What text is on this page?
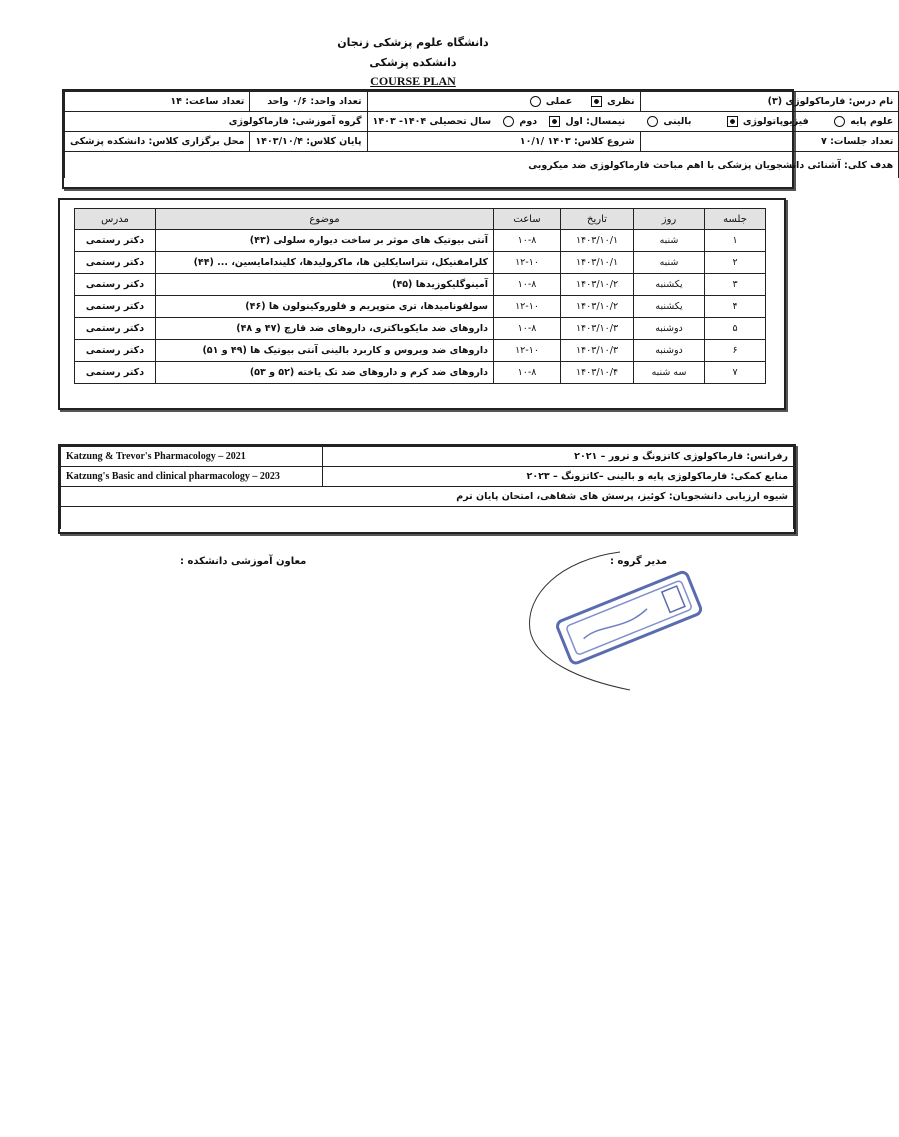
دانشگاه علوم پزشکی زنجان
دانشکده پزشکی
COURSE PLAN
نام درس: فارماکولوژی (۳)	نظری      عملی	تعداد واحد: ۰/۶ واحد	تعداد ساعت: ۱۴
علوم پایه        فیزیوپاتولوژی           بالینی       نیمسال: اول    دوم    سال تحصیلی ۱۴۰۴- ۱۴۰۳		گروه آموزشی: فارماکولوژی	
تعداد جلسات: ۷	شروع کلاس: ۱۴۰۳ /۱۰/۱	پایان کلاس: ۱۴۰۳/۱۰/۴	محل برگزاری کلاس: دانشکده پزشکی
هدف کلی: آشنائی دانشجویان پزشکی با اهم مباحث فارماکولوژی ضد میکروبی			
جلسه	روز	تاریخ	ساعت	موضوع	مدرس
۱	شنبه	۱۴۰۳/۱۰/۱	۱۰-۸	آنتی بیوتیک های موثر بر ساخت دیواره سلولی (۴۳)	دکتر رستمی
۲	شنبه	۱۴۰۳/۱۰/۱	۱۲-۱۰	کلرامفنیکل، تتراسایکلین ها، ماکرولیدها، کلیندامایسین، ... (۴۴)	دکتر رستمی
۳	یکشنبه	۱۴۰۳/۱۰/۲	۱۰-۸	آمینوگلیکوزیدها (۴۵)	دکتر رستمی
۴	یکشنبه	۱۴۰۳/۱۰/۲	۱۲-۱۰	سولفونامیدها، تری متوپریم و فلوروکینولون ها (۴۶)	دکتر رستمی
۵	دوشنبه	۱۴۰۳/۱۰/۳	۱۰-۸	داروهای ضد مایکوباکتری، داروهای ضد قارچ (۴۷ و ۴۸)	دکتر رستمی
۶	دوشنبه	۱۴۰۳/۱۰/۳	۱۲-۱۰	داروهای ضد ویروس و کاربرد بالینی آنتی بیوتیک ها (۴۹ و ۵۱)	دکتر رستمی
۷	سه شنبه	۱۴۰۳/۱۰/۴	۱۰-۸	داروهای ضد کرم و داروهای ضد تک یاخته (۵۲ و ۵۳)	دکتر رستمی
رفرانس: فارماکولوژی کاتزونگ و ترور – ۲۰۲۱	Katzung & Trevor's Pharmacology – 2021
منابع کمکی: فارماکولوژی پایه و بالینی –کاتزونگ – ۲۰۲۳	Katzung's Basic and clinical pharmacology – 2023
شیوه ارزیابی دانشجویان: کوئیز، پرسش های شفاهی، امتحان پایان ترم	

مدیر گروه :
معاون آموزشی دانشکده :
